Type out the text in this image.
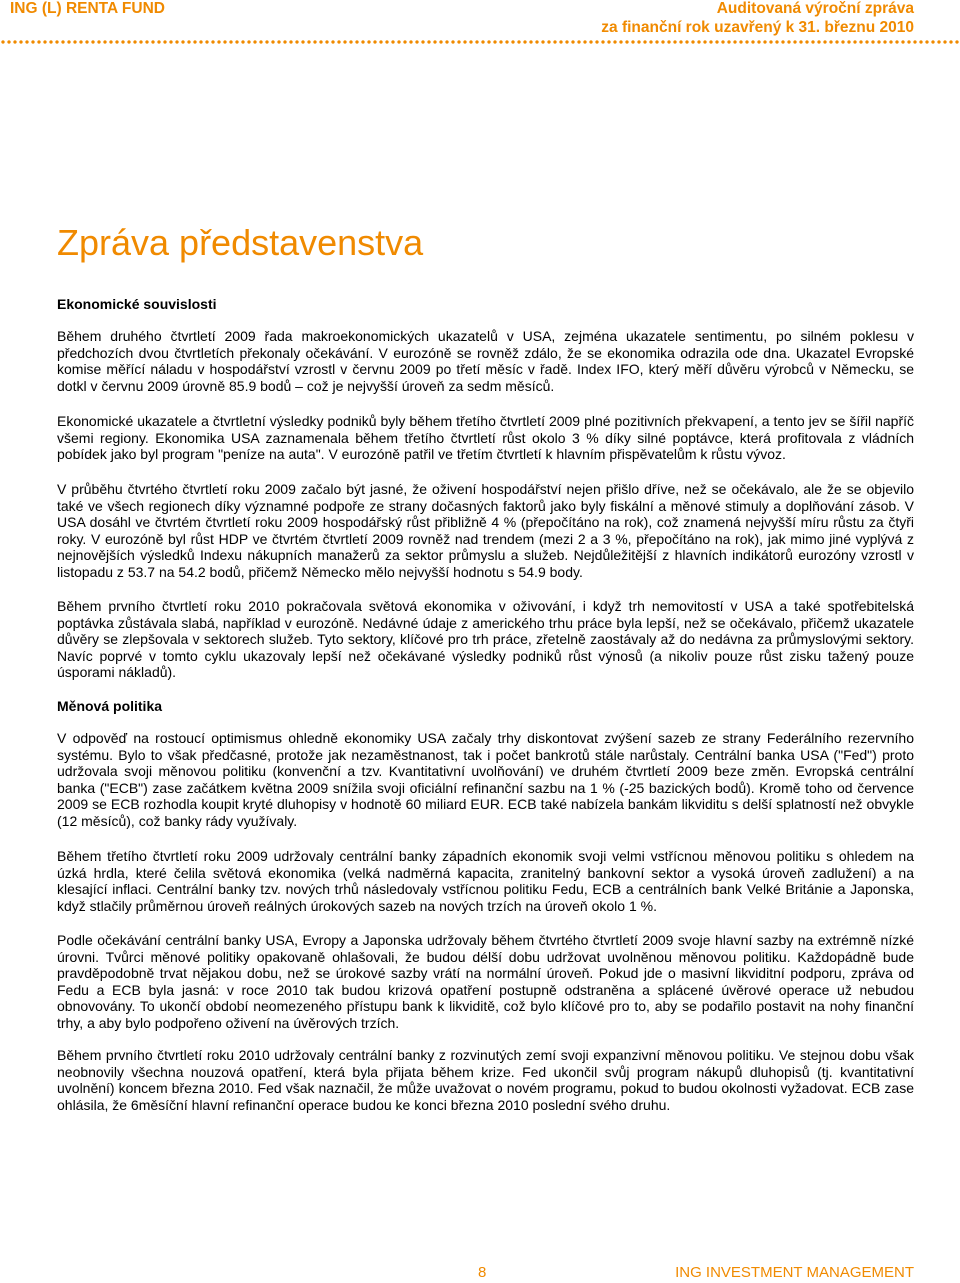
ING (L) RENTA FUND	Auditovaná výroční zpráva
za finanční rok uzavřený k 31. březnu 2010
Zpráva představenstva
Ekonomické souvislosti

Během druhého čtvrtletí 2009 řada makroekonomických ukazatelů v USA, zejména ukazatele sentimentu, po silném poklesu v předchozích dvou čtvrtletích překonaly očekávání. V eurozóně se rovněž zdálo, že se ekonomika odrazila ode dna. Ukazatel Evropské komise měřící náladu v hospodářství vzrostl v červnu 2009 po třetí měsíc v řadě. Index IFO, který měří důvěru výrobců v Německu, se dotkl v červnu 2009 úrovně 85.9 bodů – což je nejvyšší úroveň za sedm měsíců.

Ekonomické ukazatele a čtvrtletní výsledky podniků byly během třetího čtvrtletí 2009 plné pozitivních překvapení, a tento jev se šířil napříč všemi regiony. Ekonomika USA zaznamenala během třetího čtvrtletí růst okolo 3 % díky silné poptávce, která profitovala z vládních pobídek jako byl program "peníze na auta". V eurozóně patřil ve třetím čtvrtletí k hlavním přispěvatelům k růstu vývoz.

V průběhu čtvrtého čtvrtletí roku 2009 začalo být jasné, že oživení hospodářství nejen přišlo dříve, než se očekávalo, ale že se objevilo také ve všech regionech díky významné podpoře ze strany dočasných faktorů jako byly fiskální a měnové stimuly a doplňování zásob. V USA dosáhl ve čtvrtém čtvrtletí roku 2009 hospodářský růst přibližně 4 % (přepočítáno na rok), což znamená nejvyšší míru růstu za čtyři roky. V eurozóně byl růst HDP ve čtvrtém čtvrtletí 2009 rovněž nad trendem (mezi 2 a 3 %, přepočítáno na rok), jak mimo jiné vyplývá z nejnovějších výsledků Indexu nákupních manažerů za sektor průmyslu a služeb. Nejdůležitější z hlavních indikátorů eurozóny vzrostl v listopadu z 53.7 na 54.2 bodů, přičemž Německo mělo nejvyšší hodnotu s 54.9 body.

Během prvního čtvrtletí roku 2010 pokračovala světová ekonomika v oživování, i když trh nemovitostí v USA a také spotřebitelská poptávka zůstávala slabá, například v eurozóně. Nedávné údaje z amerického trhu práce byla lepší, než se očekávalo, přičemž ukazatele důvěry se zlepšovala v sektorech služeb. Tyto sektory, klíčové pro trh práce, zřetelně zaostávaly až do nedávna za průmyslovými sektory. Navíc poprvé v tomto cyklu ukazovaly lepší než očekávané výsledky podniků růst výnosů (a nikoliv pouze růst zisku tažený pouze úsporami nákladů).

Měnová politika

V odpověď na rostoucí optimismus ohledně ekonomiky USA začaly trhy diskontovat zvýšení sazeb ze strany Federálního rezervního systému. Bylo to však předčasné, protože jak nezaměstnanost, tak i počet bankrotů stále narůstaly. Centrální banka USA ("Fed") proto udržovala svoji měnovou politiku (konvenční a tzv. Kvantitativní uvolňování) ve druhém čtvrtletí 2009 beze změn. Evropská centrální banka ("ECB") zase začátkem května 2009 snížila svoji oficiální refinanční sazbu na 1 % (-25 bazických bodů). Kromě toho od července 2009 se ECB rozhodla koupit kryté dluhopisy v hodnotě 60 miliard EUR. ECB také nabízela bankám likviditu s delší splatností než obvykle (12 měsíců), což banky rády využívaly.

Během třetího čtvrtletí roku 2009 udržovaly centrální banky západních ekonomik svoji velmi vstřícnou měnovou politiku s ohledem na úzká hrdla, které čelila světová ekonomika (velká nadměrná kapacita, zranitelný bankovní sektor a vysoká úroveň zadlužení) a na klesající inflaci. Centrální banky tzv. nových trhů následovaly vstřícnou politiku Fedu, ECB a centrálních bank Velké Británie a Japonska, když stlačily průměrnou úroveň reálných úrokových sazeb na nových trzích na úroveň okolo 1 %.

Podle očekávání centrální banky USA, Evropy a Japonska udržovaly během čtvrtého čtvrtletí 2009 svoje hlavní sazby na extrémně nízké úrovni. Tvůrci měnové politiky opakovaně ohlašovali, že budou délší dobu udržovat uvolněnou měnovou politiku. Každopádně bude pravděpodobně trvat nějakou dobu, než se úrokové sazby vrátí na normální úroveň. Pokud jde o masivní likviditní podporu, zpráva od Fedu a ECB byla jasná: v roce 2010 tak budou krizová opatření postupně odstraněna a splácené úvěrové operace už nebudou obnovovány. To ukončí období neomezeného přístupu bank k likviditě, což bylo klíčové pro to, aby se podařilo postavit na nohy finanční trhy, a aby bylo podpořeno oživení na úvěrových trzích.

Během prvního čtvrtletí roku 2010 udržovaly centrální banky z rozvinutých zemí svoji expanzivní měnovou politiku. Ve stejnou dobu však neobnovily všechna nouzová opatření, která byla přijata během krize. Fed ukončil svůj program nákupů dluhopisů (tj. kvantitativní uvolnění) koncem března 2010. Fed však naznačil, že může uvažovat o novém programu, pokud to budou okolnosti vyžadovat. ECB zase ohlásila, že 6měsíční hlavní refinanční operace budou ke konci března 2010 poslední svého druhu.

8	ING INVESTMENT MANAGEMENT
